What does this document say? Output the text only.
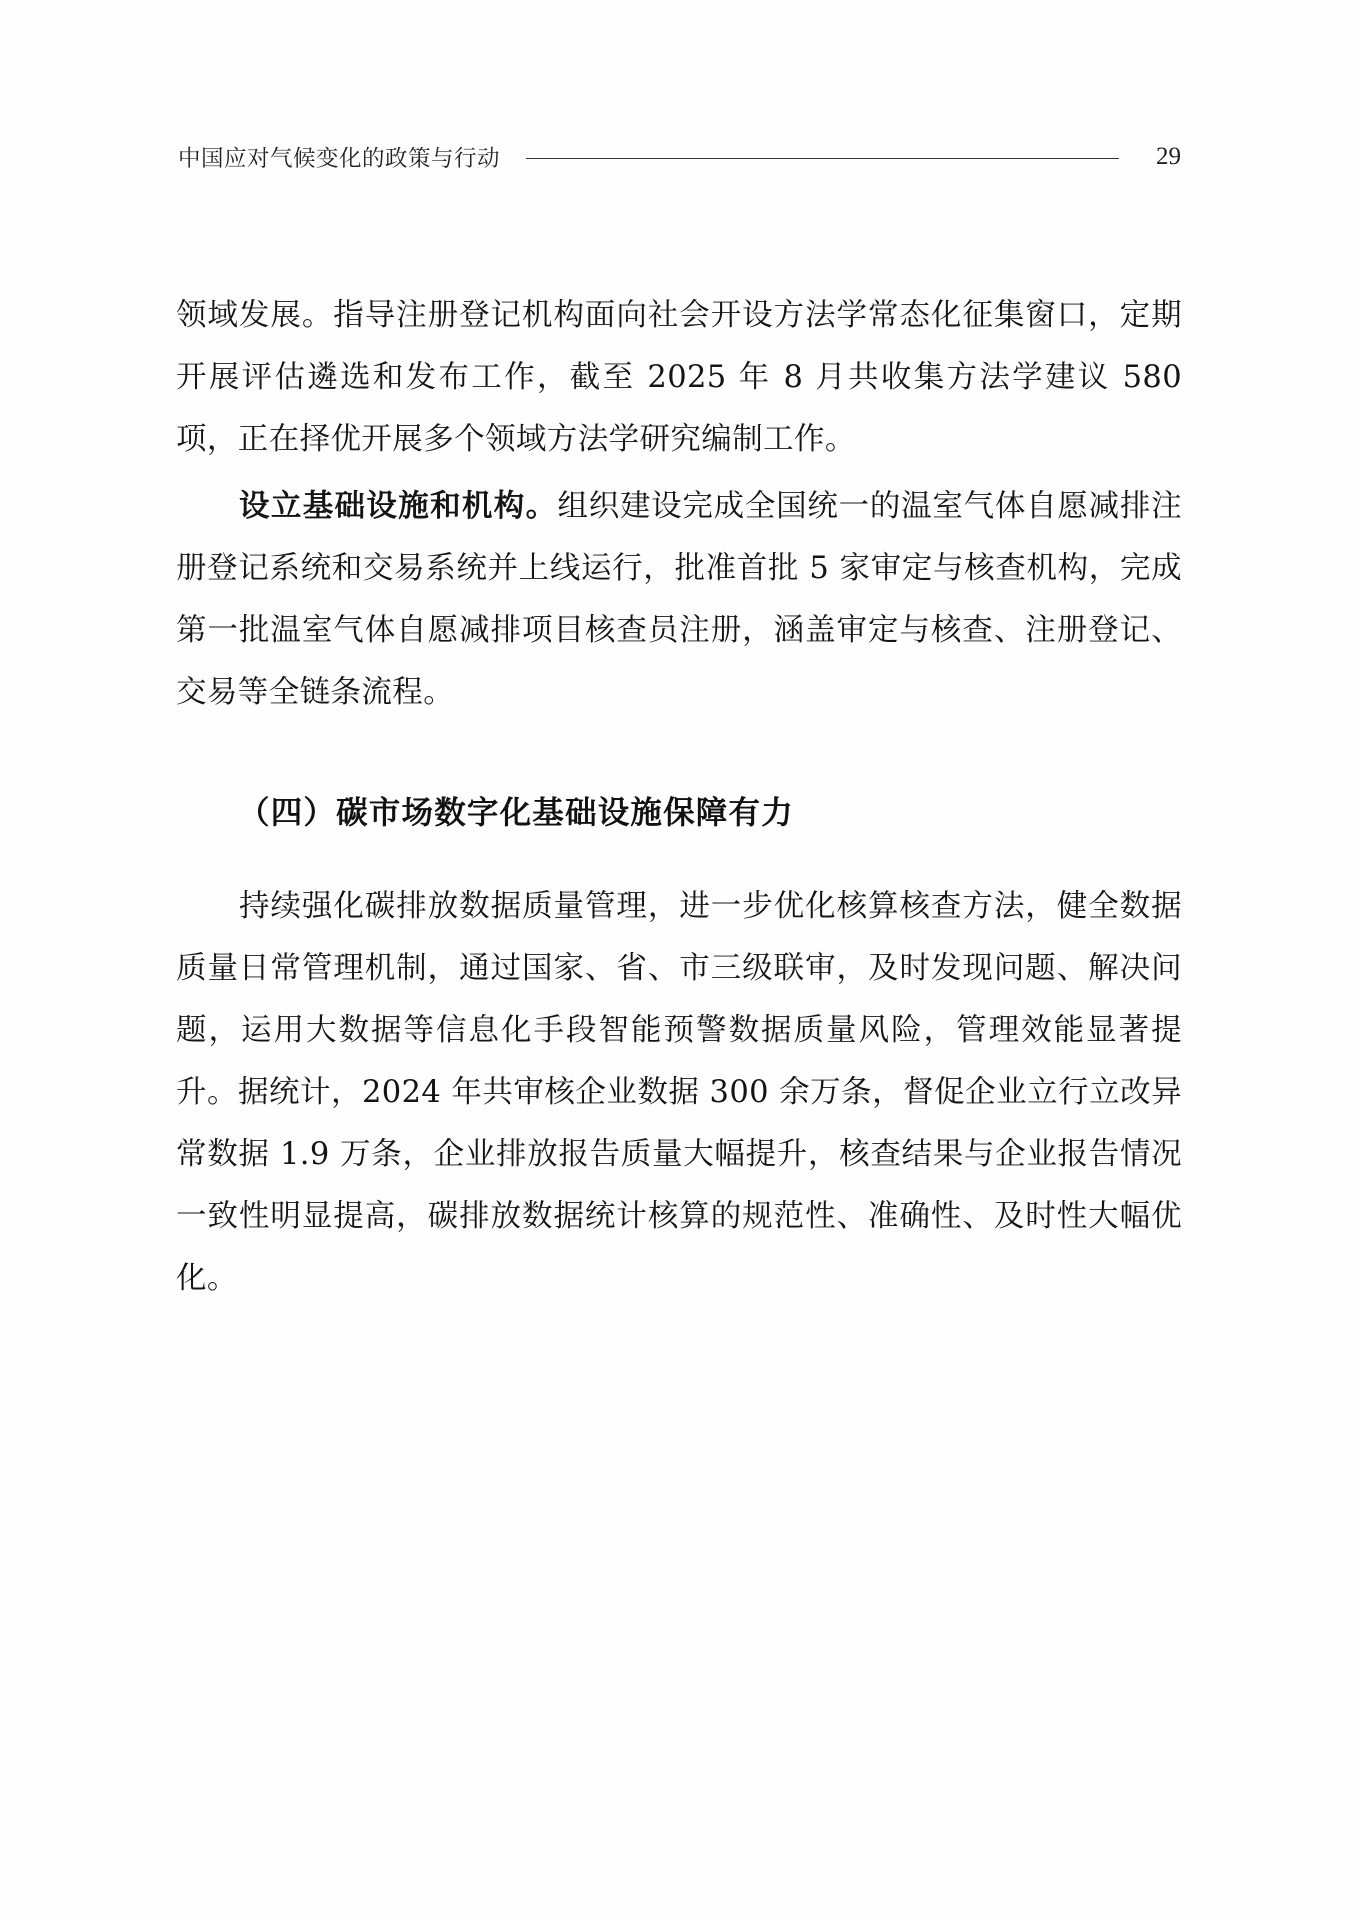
中国应对气候变化的政策与行动	29

领域发展。指导注册登记机构面向社会开设方法学常态化征集窗口，定期开展评估遴选和发布工作，截至 2025 年 8 月共收集方法学建议 580 项，正在择优开展多个领域方法学研究编制工作。

设立基础设施和机构。组织建设完成全国统一的温室气体自愿减排注册登记系统和交易系统并上线运行，批准首批 5 家审定与核查机构，完成第一批温室气体自愿减排项目核查员注册，涵盖审定与核查、注册登记、交易等全链条流程。

（四）碳市场数字化基础设施保障有力

持续强化碳排放数据质量管理，进一步优化核算核查方法，健全数据质量日常管理机制，通过国家、省、市三级联审，及时发现问题、解决问题，运用大数据等信息化手段智能预警数据质量风险，管理效能显著提升。据统计，2024 年共审核企业数据 300 余万条，督促企业立行立改异常数据 1.9 万条，企业排放报告质量大幅提升，核查结果与企业报告情况一致性明显提高，碳排放数据统计核算的规范性、准确性、及时性大幅优化。
